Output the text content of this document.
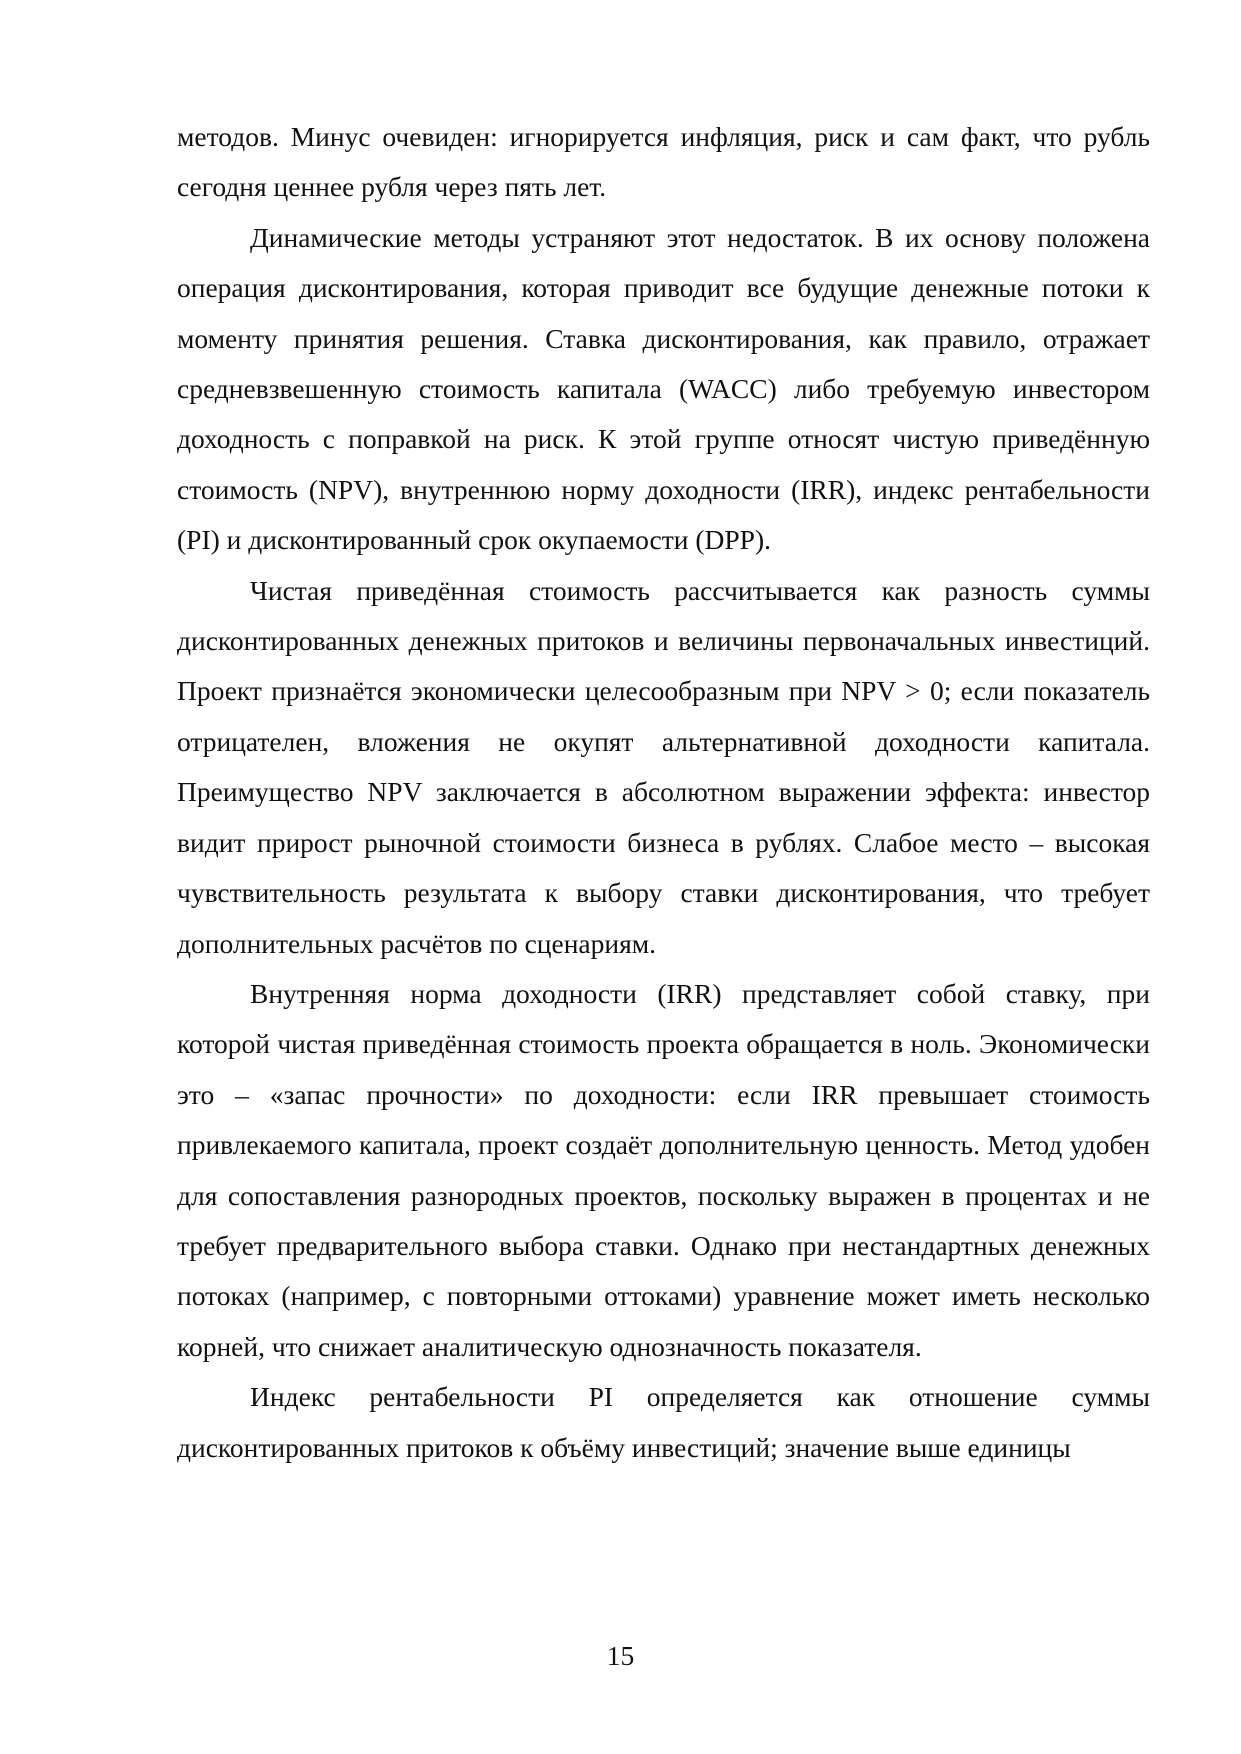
методов. Минус очевиден: игнорируется инфляция, риск и сам факт, что рубль сегодня ценнее рубля через пять лет.

Динамические методы устраняют этот недостаток. В их основу положена операция дисконтирования, которая приводит все будущие денежные потоки к моменту принятия решения. Ставка дисконтирования, как правило, отражает средневзвешенную стоимость капитала (WACC) либо требуемую инвестором доходность с поправкой на риск. К этой группе относят чистую приведённую стоимость (NPV), внутреннюю норму доходности (IRR), индекс рентабельности (PI) и дисконтированный срок окупаемости (DPP).

Чистая приведённая стоимость рассчитывается как разность суммы дисконтированных денежных притоков и величины первоначальных инвестиций. Проект признаётся экономически целесообразным при NPV > 0; если показатель отрицателен, вложения не окупят альтернативной доходности капитала. Преимущество NPV заключается в абсолютном выражении эффекта: инвестор видит прирост рыночной стоимости бизнеса в рублях. Слабое место – высокая чувствительность результата к выбору ставки дисконтирования, что требует дополнительных расчётов по сценариям.

Внутренняя норма доходности (IRR) представляет собой ставку, при которой чистая приведённая стоимость проекта обращается в ноль. Экономически это – «запас прочности» по доходности: если IRR превышает стоимость привлекаемого капитала, проект создаёт дополнительную ценность. Метод удобен для сопоставления разнородных проектов, поскольку выражен в процентах и не требует предварительного выбора ставки. Однако при нестандартных денежных потоках (например, с повторными оттоками) уравнение может иметь несколько корней, что снижает аналитическую однозначность показателя.

Индекс рентабельности PI определяется как отношение суммы дисконтированных притоков к объёму инвестиций; значение выше единицы

15
